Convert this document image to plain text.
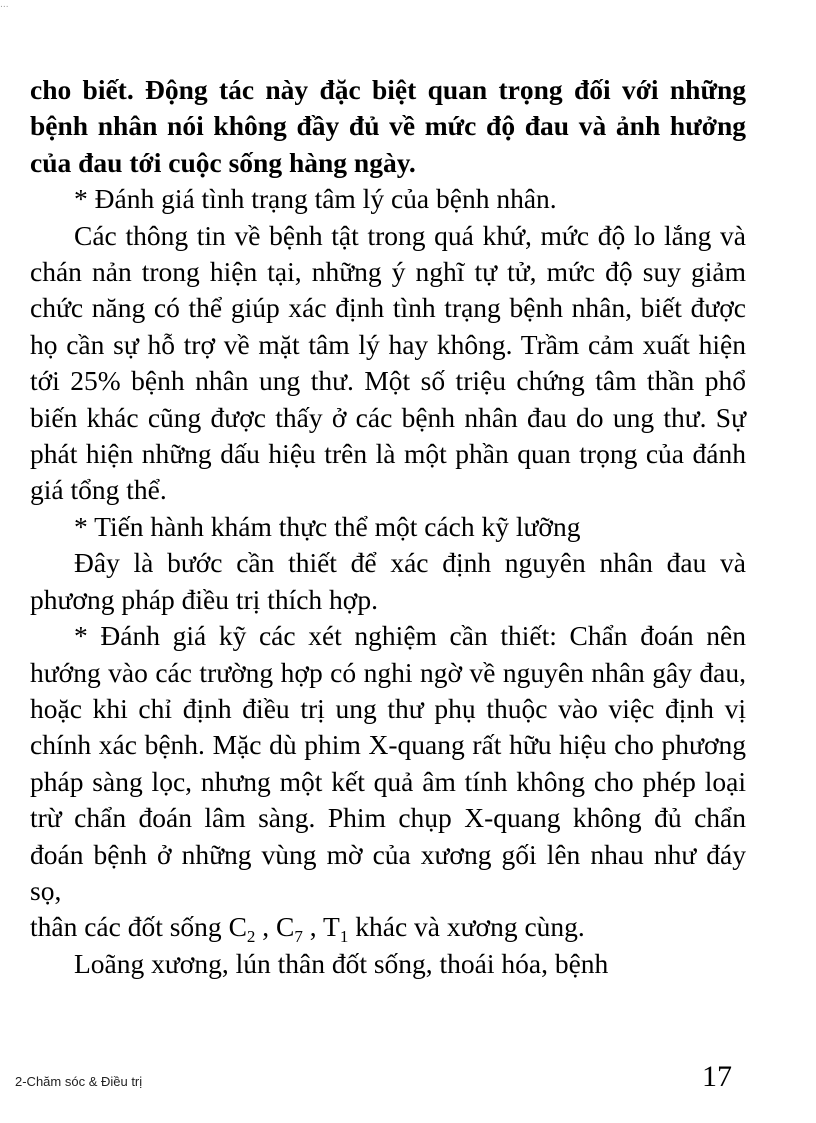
...

cho biết. Động tác này đặc biệt quan trọng đối với những bệnh nhân nói không đầy đủ về mức độ đau và ảnh hưởng của đau tới cuộc sống hàng ngày.

* Đánh giá tình trạng tâm lý của bệnh nhân.

Các thông tin về bệnh tật trong quá khứ, mức độ lo lắng và chán nản trong hiện tại, những ý nghĩ tự tử, mức độ suy giảm chức năng có thể giúp xác định tình trạng bệnh nhân, biết được họ cần sự hỗ trợ về mặt tâm lý hay không. Trầm cảm xuất hiện tới 25% bệnh nhân ung thư. Một số triệu chứng tâm thần phổ biến khác cũng được thấy ở các bệnh nhân đau do ung thư. Sự phát hiện những dấu hiệu trên là một phần quan trọng của đánh giá tổng thể.

* Tiến hành khám thực thể một cách kỹ lưỡng

Đây là bước cần thiết để xác định nguyên nhân đau và phương pháp điều trị thích hợp.

* Đánh giá kỹ các xét nghiệm cần thiết: Chẩn đoán nên hướng vào các trường hợp có nghi ngờ về nguyên nhân gây đau, hoặc khi chỉ định điều trị ung thư phụ thuộc vào việc định vị chính xác bệnh. Mặc dù phim X-quang rất hữu hiệu cho phương pháp sàng lọc, nhưng một kết quả âm tính không cho phép loại trừ chẩn đoán lâm sàng. Phim chụp X-quang không đủ chẩn đoán bệnh ở những vùng mờ của xương gối lên nhau như đáy sọ,

thân các đốt sống $C_2$ , $C_7$ , $T_1$ khác và xương cùng.

Loãng xương, lún thân đốt sống, thoái hóa, bệnh

2-Chăm sóc & Điều trị	17
